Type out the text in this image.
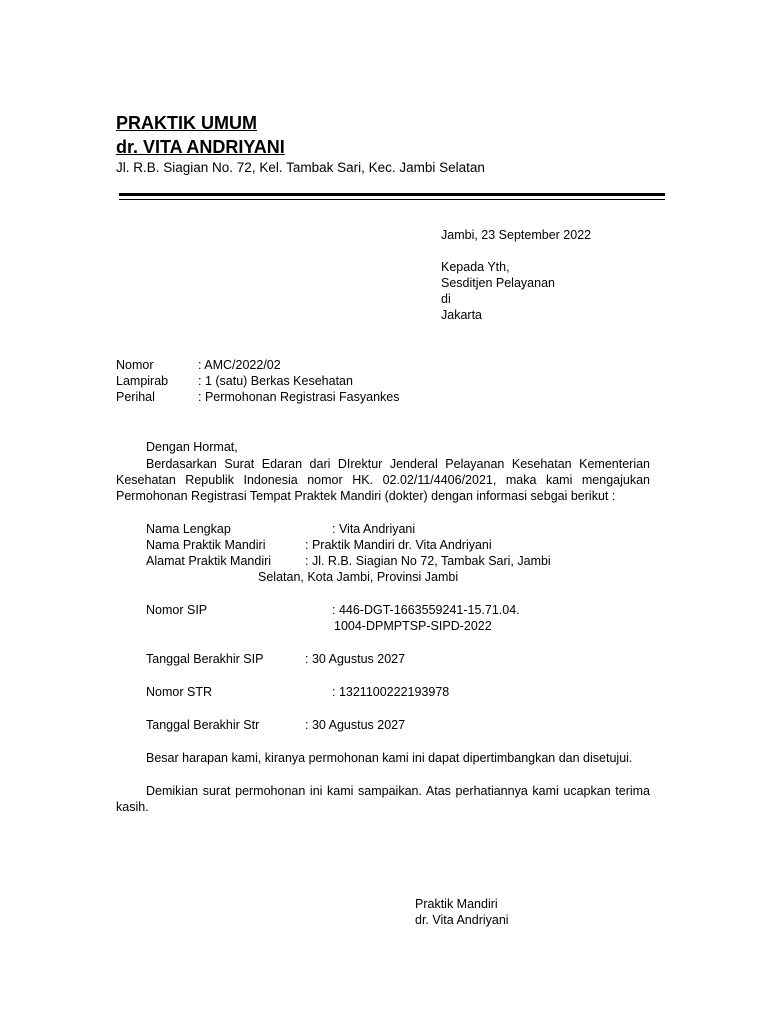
PRAKTIK UMUM
dr. VITA ANDRIYANI
Jl. R.B. Siagian No. 72, Kel. Tambak Sari, Kec. Jambi Selatan
Jambi, 23 September 2022
Kepada Yth,
Sesditjen Pelayanan
di
Jakarta
Nomor	: AMC/2022/02
Lampirab : 1 (satu) Berkas Kesehatan
Perihal	: Permohonan Registrasi Fasyankes
Dengan Hormat,
Berdasarkan Surat Edaran dari DIrektur Jenderal Pelayanan Kesehatan Kementerian Kesehatan Republik Indonesia nomor HK. 02.02/11/4406/2021, maka kami mengajukan Permohonan Registrasi Tempat Praktek Mandiri (dokter) dengan informasi sebgai berikut :
Nama Lengkap	: Vita Andriyani
Nama Praktik Mandiri	: Praktik Mandiri dr. Vita Andriyani
Alamat Praktik Mandiri	: Jl. R.B. Siagian No 72, Tambak Sari, Jambi
Selatan, Kota Jambi, Provinsi Jambi
Nomor SIP	: 446-DGT-1663559241-15.71.04.
1004-DPMPTSP-SIPD-2022
Tanggal Berakhir SIP	: 30 Agustus 2027
Nomor STR	: 1321100222193978
Tanggal Berakhir Str	: 30 Agustus 2027
Besar harapan kami, kiranya permohonan kami ini dapat dipertimbangkan dan disetujui.
Demikian surat permohonan ini kami sampaikan. Atas perhatiannya kami ucapkan terima kasih.
Praktik Mandiri
dr. Vita Andriyani
